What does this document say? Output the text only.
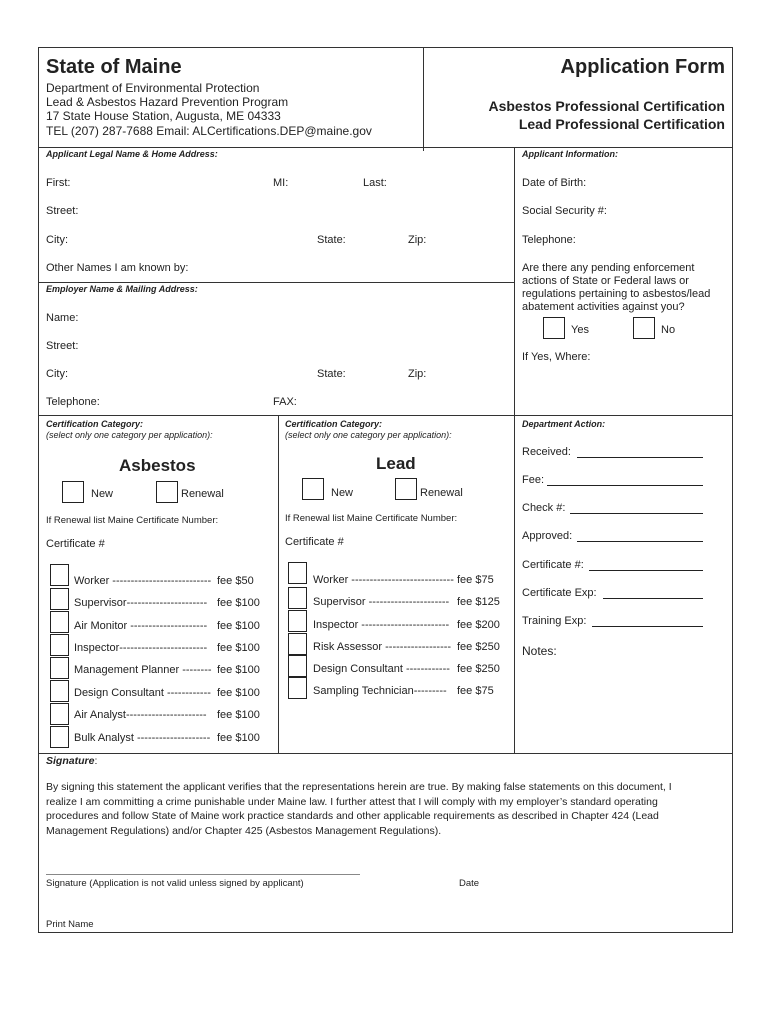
State of Maine
Department of Environmental Protection
Lead & Asbestos Hazard Prevention Program
17 State House Station, Augusta, ME 04333
TEL (207) 287-7688 Email: ALCertifications.DEP@maine.gov
Application Form
Asbestos Professional Certification
Lead Professional Certification
Applicant Legal Name & Home Address:
First:	MI:	Last:
Street:
City:	State:	Zip:
Other Names I am known by:
Applicant Information:
Date of Birth:
Social Security #:
Telephone:
Are there any pending enforcement
actions of State or Federal laws or
regulations pertaining to asbestos/lead
abatement activities against you?
Yes	No
If Yes, Where:
Employer Name & Mailing Address:
Name:
Street:
City:	State:	Zip:
Telephone:	FAX:
Certification Category:
(select only one category per application):
Asbestos
New	Renewal
If Renewal list Maine Certificate Number:
Certificate #
Worker --------------------------- fee $50
Supervisor---------------------- fee $100
Air Monitor --------------------- fee $100
Inspector------------------------ fee $100
Management Planner -------- fee $100
Design Consultant ------------ fee $100
Air Analyst---------------------- fee $100
Bulk Analyst -------------------- fee $100
Certification Category:
(select only one category per application):
Lead
New	Renewal
If Renewal list Maine Certificate Number:
Certificate #
Worker ---------------------------- fee $75
Supervisor ---------------------- fee $125
Inspector ------------------------ fee $200
Risk Assessor ------------------ fee $250
Design Consultant ------------ fee $250
Sampling Technician--------- fee $75
Department Action:
Received:
Fee:
Check #:
Approved:
Certificate #:
Certificate Exp:
Training Exp:
Notes:
Signature:
By signing this statement the applicant verifies that the representations herein are true. By making false statements on this document, I
realize I am committing a crime punishable under Maine law. I further attest that I will comply with my employer’s standard operating
procedures and follow State of Maine work practice standards and other applicable requirements as described in Chapter 424 (Lead
Management Regulations) and/or Chapter 425 (Asbestos Management Regulations).
Signature (Application is not valid unless signed by applicant)	Date
Print Name
